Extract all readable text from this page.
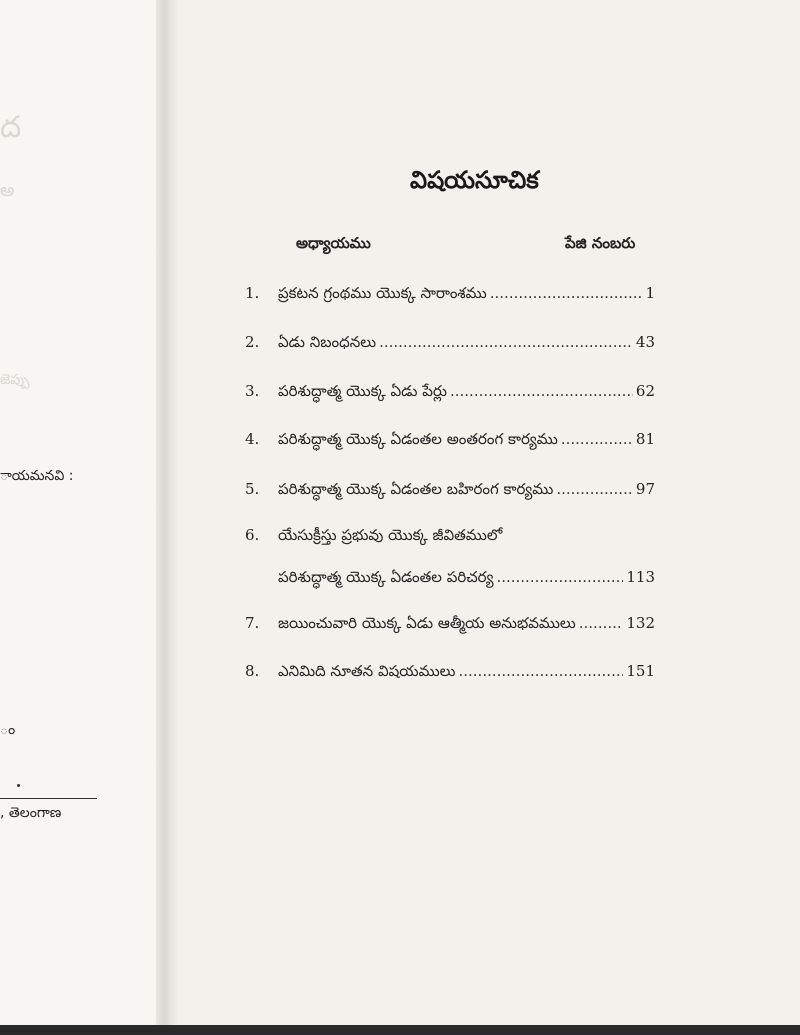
ద
అ
జెప్పు
ాయమనవి :
ం
, తెలంగాణ
విషయసూచిక
అధ్యాయము	పేజి నంబరు
1.	ప్రకటన గ్రంథము యొక్క సారాంశము .....	1
2.	ఏడు నిబంధనలు .....	43
3.	పరిశుద్ధాత్మ యొక్క ఏడు పేర్లు .....	62
4.	పరిశుద్ధాత్మ యొక్క ఏడంతల అంతరంగ కార్యము .....	81
5.	పరిశుద్ధాత్మ యొక్క ఏడంతల బహిరంగ కార్యము .....	97
6.	యేసుక్రీస్తు ప్రభువు యొక్క జీవితములో
పరిశుద్ధాత్మ యొక్క ఏడంతల పరిచర్య .....	113
7.	జయించువారి యొక్క ఏడు ఆత్మీయ అనుభవములు .....	132
8.	ఎనిమిది నూతన విషయములు .....	151
